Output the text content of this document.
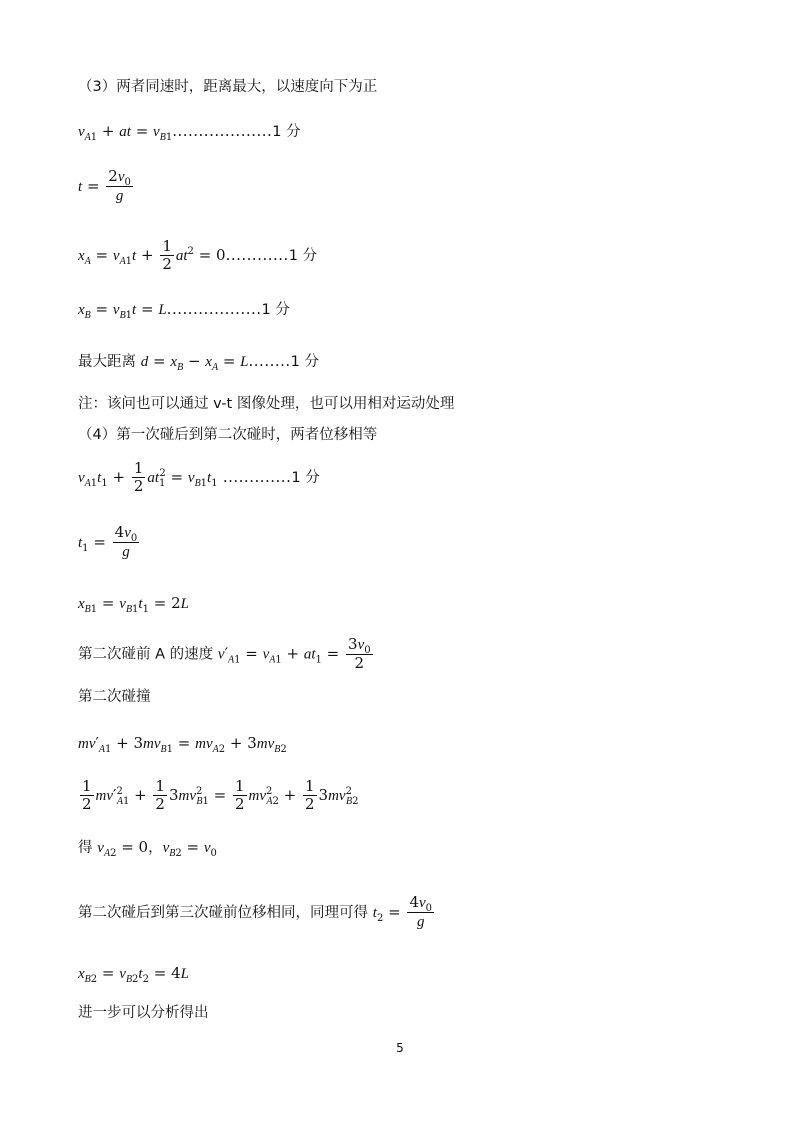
（3）两者同速时，距离最大，以速度向下为正
$v_{A1}$ + at = $v_{B1}...................1$ 分
$t = \frac{2v_0}{g}$
$x_A = v_{A1}t + \frac{1}{2} at^2 = 0............1$ 分
$x_B = v_{B1}t = L..................1$ 分
最大距离 $d = x_B - x_A = L........1$ 分
注：该问也可以通过 v-t 图像处理，也可以用相对运动处理
（4）第一次碰后到第二次碰时，两者位移相等
$v_{A1}t_1 + \frac{1}{2} at_1^2 = v_{B1}t_1$ .............1 分
$t_1 = \frac{4v_0}{g}$
$x_{B1} = v_{B1}t_1 = 2L$
第二次碰前 A 的速度 $v'_{A1} = v_{A1} + at_1 = \frac{3v_0}{2}$
第二次碰撞
$mv'_{A1} + 3mv_{B1} = mv_{A2} + 3mv_{B2}$
$\frac{1}{2} mv'^2_{A1} + \frac{1}{2} 3mv^2_{B1} = \frac{1}{2} mv^2_{A2} + \frac{1}{2} 3mv^2_{B2}$
得 $v_{A2} = 0$，$v_{B2} = v_0$
第二次碰后到第三次碰前位移相同，同理可得 $t_2 = \frac{4v_0}{g}$
$x_{B2} = v_{B2}t_2 = 4L$
进一步可以分析得出
5
